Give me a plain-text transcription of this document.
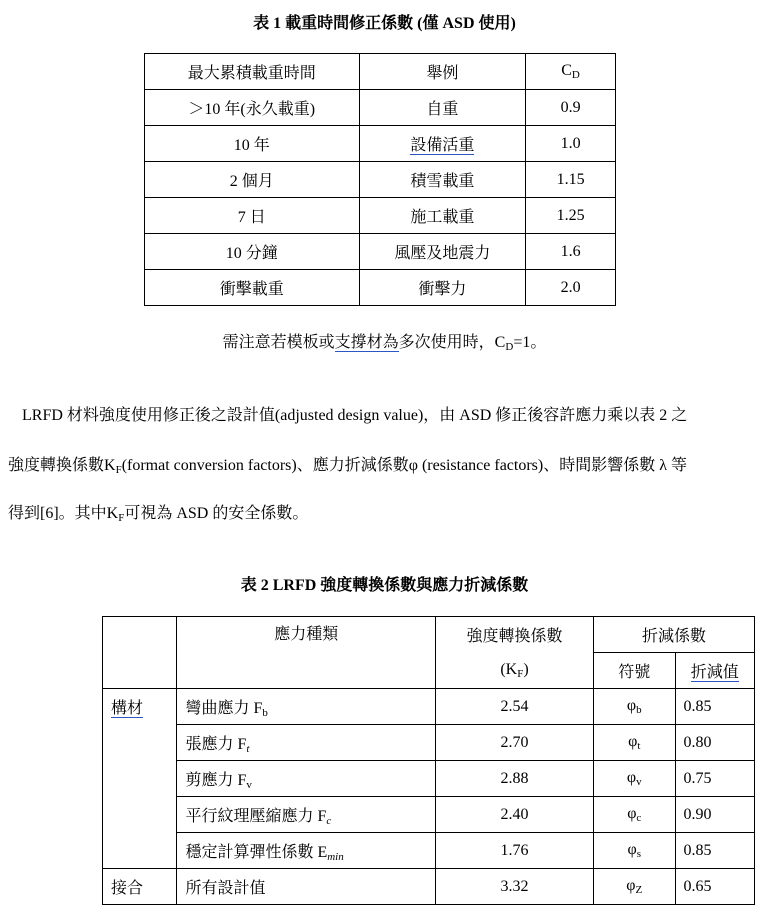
表 1 載重時間修正係數 (僅 ASD 使用)
最大累積載重時間	舉例	$C_D$
＞10 年(永久載重)	自重	0.9
10 年	設備活重	1.0
2 個月	積雪載重	1.15
7 日	施工載重	1.25
10 分鐘	風壓及地震力	1.6
衝擊載重	衝擊力	2.0
需注意若模板或支撐材為多次使用時，$C_D=1$。
LRFD 材料強度使用修正後之設計值(adjusted design value)，由 ASD 修正後容許應力乘以表 2 之
強度轉換係數$K_F(format$ conversion factors)、應力折減係數φ (resistance factors)、時間影響係數 λ 等
得到[6]。其中$K_F$可視為 ASD 的安全係數。
表 2 LRFD 強度轉換係數與應力折減係數
	應力種類	強度轉換係數	折減係數	
		$(K_F)$	符號	折減值
構材	彎曲應力 $F_b$	2.54	$\varphi_b$	0.85
	張應力 $F_t$	2.70	$\varphi_t$	0.80
	剪應力 $F_v$	2.88	$\varphi_v$	0.75
	平行紋理壓縮應力 $F_c$	2.40	$\varphi_c$	0.90
	穩定計算彈性係數 $E_{min}$	1.76	$\varphi_s$	0.85
接合	所有設計值	3.32	$\varphi_Z$	0.65
